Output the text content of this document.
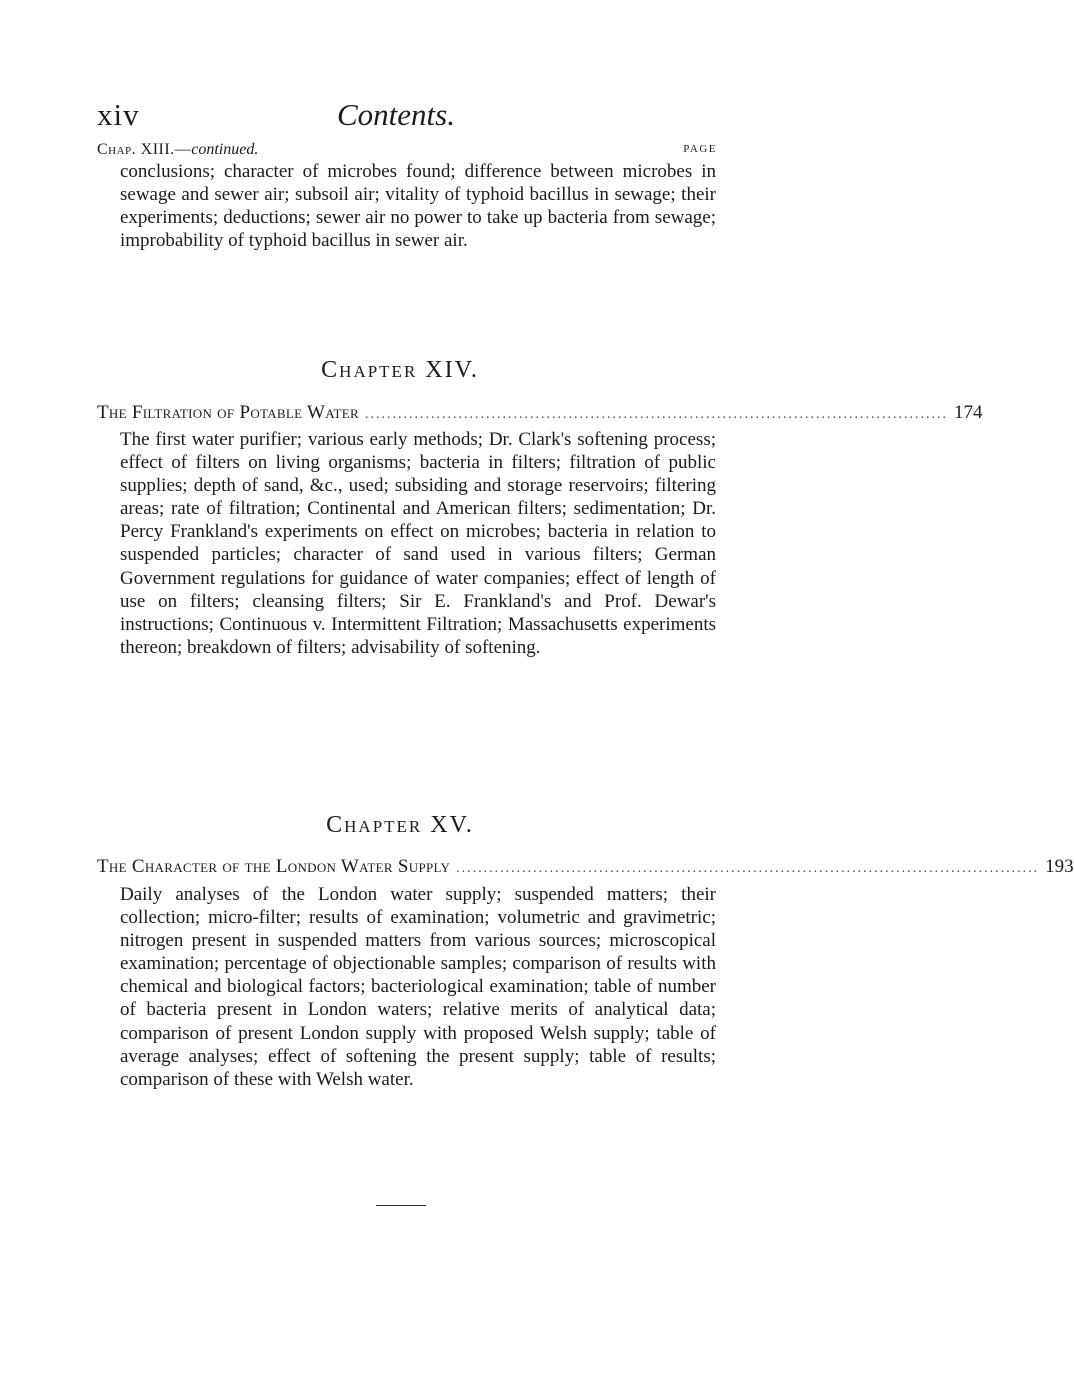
xiv	Contents.
Chap. XIII.—continued.	PAGE

conclusions; character of microbes found; difference between microbes in sewage and sewer air; subsoil air; vitality of typhoid bacillus in sewage; their experiments; deductions; sewer air no power to take up bacteria from sewage; improbability of typhoid bacillus in sewer air.

Chapter XIV.
The Filtration of Potable Water .......................................................................................................... 174

The first water purifier; various early methods; Dr. Clark's softening process; effect of filters on living organisms; bacteria in filters; filtration of public supplies; depth of sand, &c., used; subsiding and storage reservoirs; filtering areas; rate of filtration; Continental and American filters; sedimentation; Dr. Percy Frankland's experiments on effect on microbes; bacteria in relation to suspended particles; character of sand used in various filters; German Government regulations for guidance of water companies; effect of length of use on filters; cleansing filters; Sir E. Frankland's and Prof. Dewar's instructions; Continuous v. Intermittent Filtration; Massachusetts experiments thereon; breakdown of filters; advisability of softening.

Chapter XV.
The Character of the London Water Supply .......................................................................................................... 193

Daily analyses of the London water supply; suspended matters; their collection; micro-filter; results of examination; volumetric and gravimetric; nitrogen present in suspended matters from various sources; microscopical examination; percentage of objectionable samples; comparison of results with chemical and biological factors; bacteriological examination; table of number of bacteria present in London waters; relative merits of analytical data; comparison of present London supply with proposed Welsh supply; table of average analyses; effect of softening the present supply; table of results; comparison of these with Welsh water.
